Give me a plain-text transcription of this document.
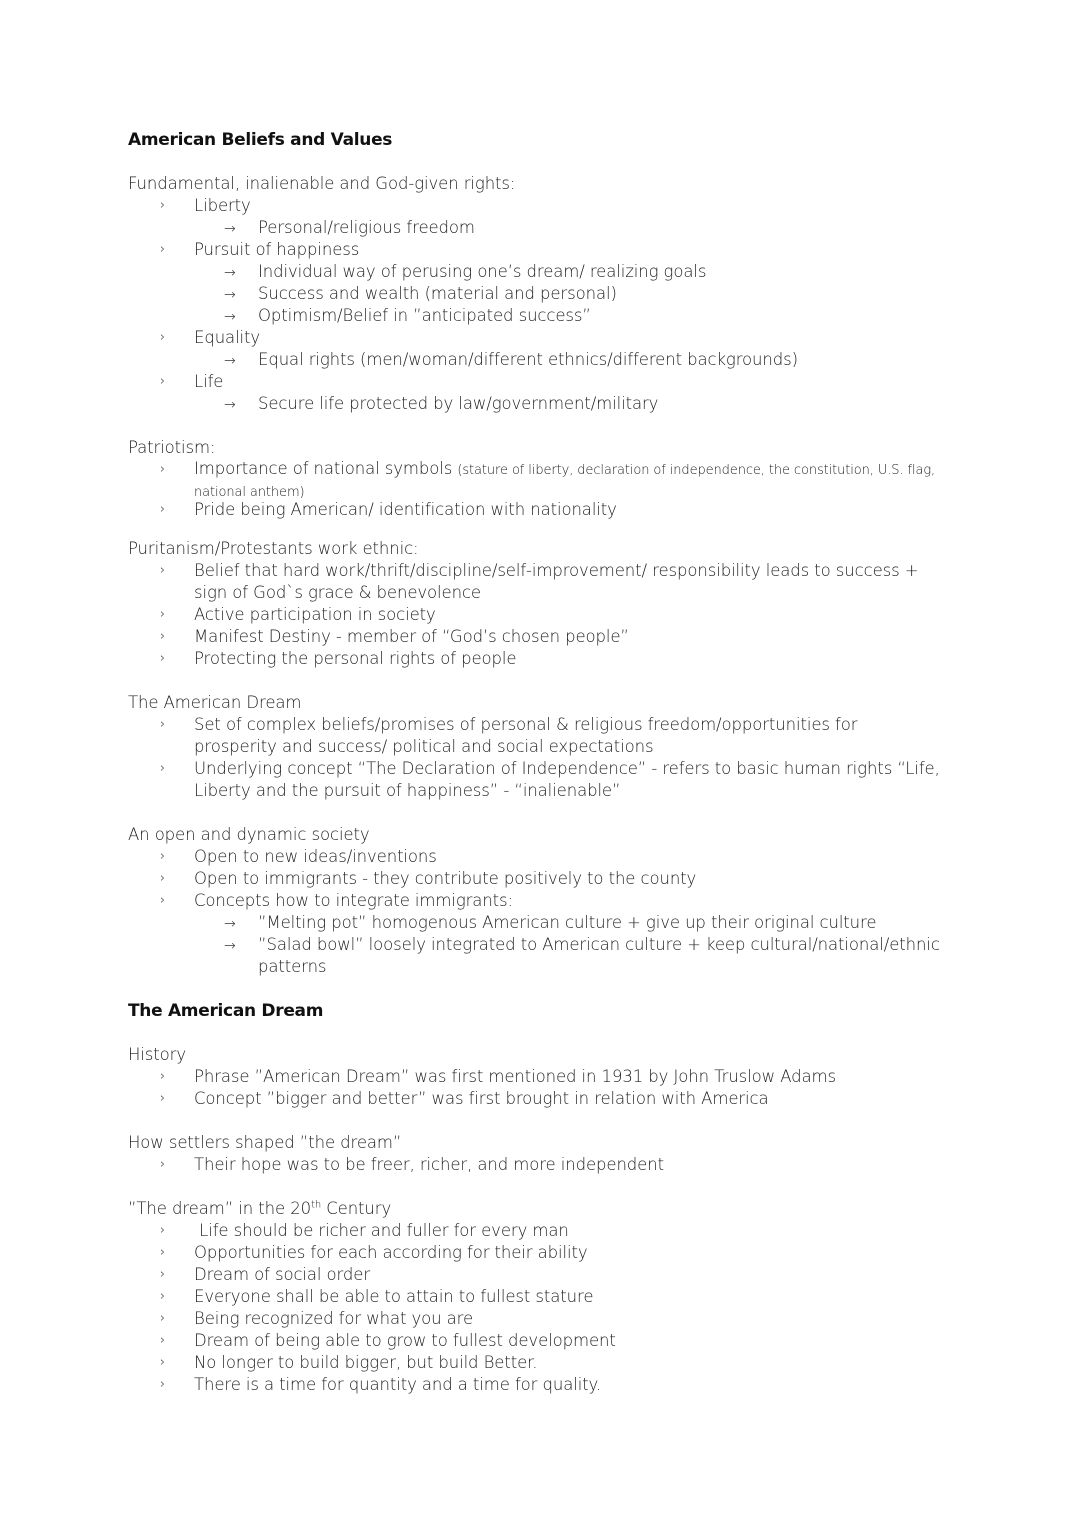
American Beliefs and Values
Fundamental, inalienable and God-given rights:
›	Liberty
→	Personal/religious freedom
›	Pursuit of happiness
→	Individual way of perusing one’s dream/ realizing goals
→	Success and wealth (material and personal)
→	Optimism/Belief in ”anticipated success”
›	Equality
→	Equal rights (men/woman/different ethnics/different backgrounds)
›	Life
→	Secure life protected by law/government/military
Patriotism:
›	Importance of national symbols (stature of liberty, declaration of independence, the constitution, U.S. flag, national anthem)
›	Pride being American/ identification with nationality
Puritanism/Protestants work ethnic:
›	Belief that hard work/thrift/discipline/self-improvement/ responsibility leads to success + sign of God`s grace & benevolence
›	Active participation in society
›	Manifest Destiny - member of “God’s chosen people”
›	Protecting the personal rights of people
The American Dream
›	Set of complex beliefs/promises of personal & religious freedom/opportunities for prosperity and success/ political and social expectations
›	Underlying concept “The Declaration of Independence” - refers to basic human rights “Life, Liberty and the pursuit of happiness” - “inalienable”
An open and dynamic society
›	Open to new ideas/inventions
›	Open to immigrants - they contribute positively to the county
›	Concepts how to integrate immigrants:
→	”Melting pot” homogenous American culture + give up their original culture
→	”Salad bowl” loosely integrated to American culture + keep cultural/national/ethnic patterns
The American Dream
History
›	Phrase ”American Dream” was first mentioned in 1931 by John Truslow Adams
›	Concept ”bigger and better” was first brought in relation with America
How settlers shaped ”the dream”
›	Their hope was to be freer, richer, and more independent
”The dream” in the 20th Century
›	Life should be richer and fuller for every man
›	Opportunities for each according for their ability
›	Dream of social order
›	Everyone shall be able to attain to fullest stature
›	Being recognized for what you are
›	Dream of being able to grow to fullest development
›	No longer to build bigger, but build Better.
›	There is a time for quantity and a time for quality.
